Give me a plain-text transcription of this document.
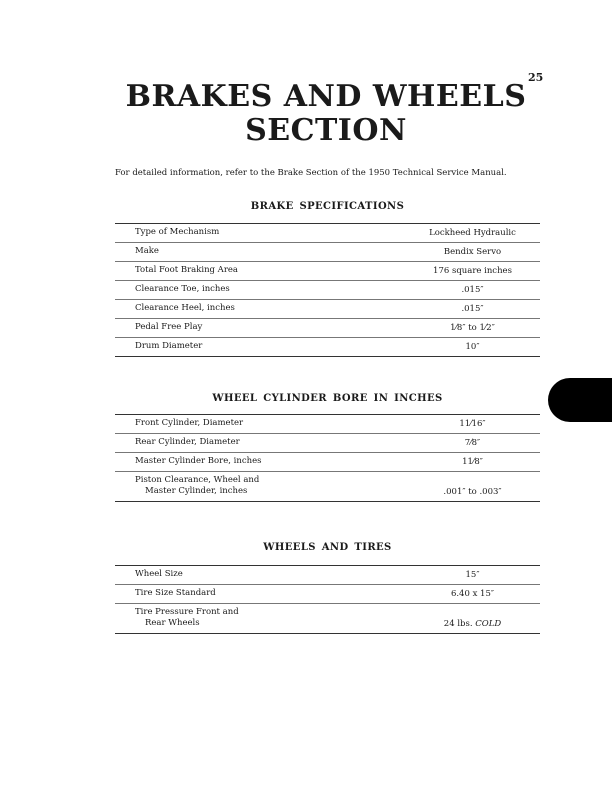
25
BRAKES AND WHEELS
SECTION
For detailed information, refer to the Brake Section of the 1950 Technical Service Manual.
BRAKE SPECIFICATIONS
Type of Mechanism	Lockheed Hydraulic
Make	Bendix Servo
Total Foot Braking Area	176 square inches
Clearance Toe, inches	.015″
Clearance Heel, inches	.015″
Pedal Free Play	1⁄8″ to 1⁄2″
Drum Diameter	10″
WHEEL CYLINDER BORE IN INCHES
Front Cylinder, Diameter	11⁄16″
Rear Cylinder, Diameter	7⁄8″
Master Cylinder Bore, inches	11⁄8″
Piston Clearance, Wheel and
Master Cylinder, inches	.001″ to .003″
WHEELS AND TIRES
Wheel Size	15″
Tire Size Standard	6.40 x 15″
Tire Pressure Front and
Rear Wheels	24 lbs. COLD
